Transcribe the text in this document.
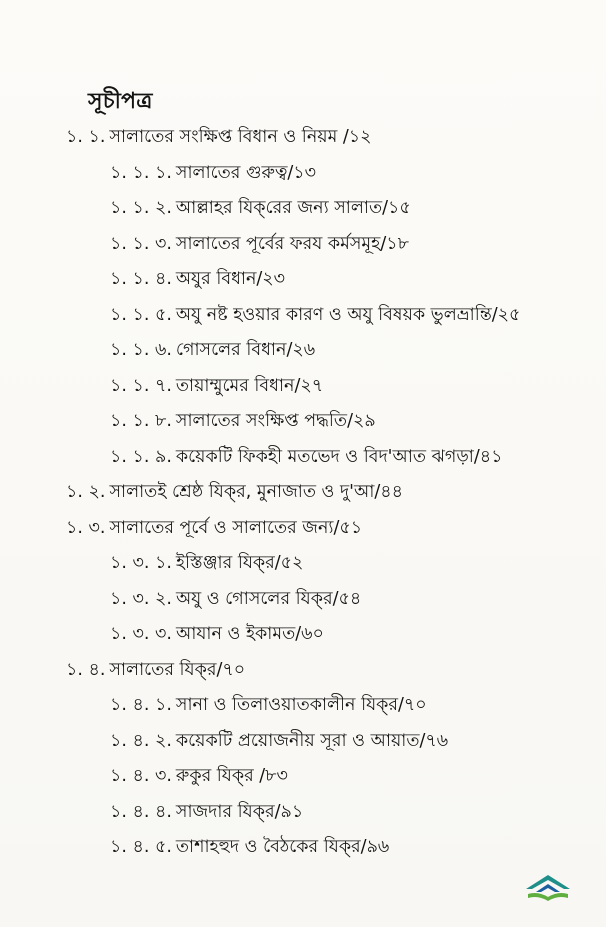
সূচীপত্র
১. ১. সালাতের সংক্ষিপ্ত বিধান ও নিয়ম /১২
১. ১. ১. সালাতের গুরুত্ব/১৩
১. ১. ২. আল্লাহর যিক্‌রের জন্য সালাত/১৫
১. ১. ৩. সালাতের পূর্বের ফরয কর্মসমূহ/১৮
১. ১. ৪. অযুর বিধান/২৩
১. ১. ৫. অযু নষ্ট হওয়ার কারণ ও অযু বিষয়ক ভুলভ্রান্তি/২৫
১. ১. ৬. গোসলের বিধান/২৬
১. ১. ৭. তায়াম্মুমের বিধান/২৭
১. ১. ৮. সালাতের সংক্ষিপ্ত পদ্ধতি/২৯
১. ১. ৯. কয়েকটি ফিকহী মতভেদ ও বিদ'আত ঝগড়া/৪১
১. ২. সালাতই শ্রেষ্ঠ যিক্‌র, মুনাজাত ও দু'আ/৪৪
১. ৩. সালাতের পূর্বে ও সালাতের জন্য/৫১
১. ৩. ১. ইস্তিঞ্জার যিক্‌র/৫২
১. ৩. ২. অযু ও গোসলের যিক্‌র/৫৪
১. ৩. ৩. আযান ও ইকামত/৬০
১. ৪. সালাতের যিক্‌র/৭০
১. ৪. ১. সানা ও তিলাওয়াতকালীন যিক্‌র/৭০
১. ৪. ২. কয়েকটি প্রয়োজনীয় সূরা ও আয়াত/৭৬
১. ৪. ৩. রুকুর যিক্‌র /৮৩
১. ৪. ৪. সাজদার যিক্‌র/৯১
১. ৪. ৫. তাশাহহুদ ও বৈঠকের যিক্‌র/৯৬
